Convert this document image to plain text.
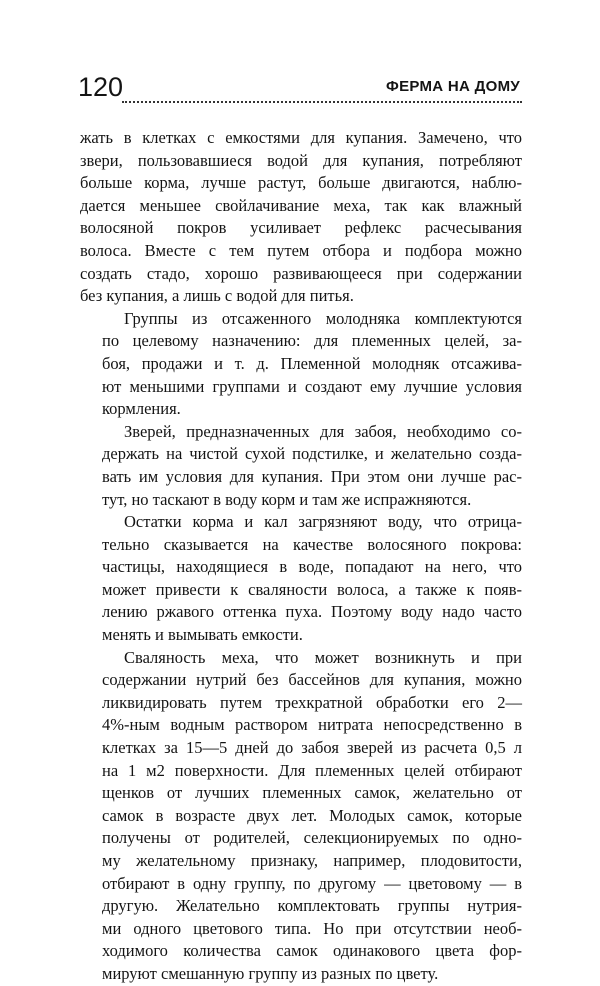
120	ФЕРМА НА ДОМУ
жать в клетках с емкостями для купания. Замечено, что
звери, пользовавшиеся водой для купания, потребляют
больше корма, лучше растут, больше двигаются, наблю-
дается меньшее свойлачивание меха, так как влажный
волосяной покров усиливает рефлекс расчесывания
волоса. Вместе с тем путем отбора и подбора можно
создать стадо, хорошо развивающееся при содержании
без купания, а лишь с водой для питья.
Группы из отсаженного молодняка комплектуются
по целевому назначению: для племенных целей, за-
боя, продажи и т. д. Племенной молодняк отсажива-
ют меньшими группами и создают ему лучшие условия
кормления.
Зверей, предназначенных для забоя, необходимо со-
держать на чистой сухой подстилке, и желательно созда-
вать им условия для купания. При этом они лучше рас-
тут, но таскают в воду корм и там же испражняются.
Остатки корма и кал загрязняют воду, что отрица-
тельно сказывается на качестве волосяного покрова:
частицы, находящиеся в воде, попадают на него, что
может привести к сваляности волоса, а также к появ-
лению ржавого оттенка пуха. Поэтому воду надо часто
менять и вымывать емкости.
Сваляность меха, что может возникнуть и при
содержании нутрий без бассейнов для купания, можно
ликвидировать путем трехкратной обработки его 2—
4%-ным водным раствором нитрата непосредственно в
клетках за 15—5 дней до забоя зверей из расчета 0,5 л
на 1 м2 поверхности. Для племенных целей отбирают
щенков от лучших племенных самок, желательно от
самок в возрасте двух лет. Молодых самок, которые
получены от родителей, селекционируемых по одно-
му желательному признаку, например, плодовитости,
отбирают в одну группу, по другому — цветовому — в
другую. Желательно комплектовать группы нутрия-
ми одного цветового типа. Но при отсутствии необ-
ходимого количества самок одинакового цвета фор-
мируют смешанную группу из разных по цвету.
